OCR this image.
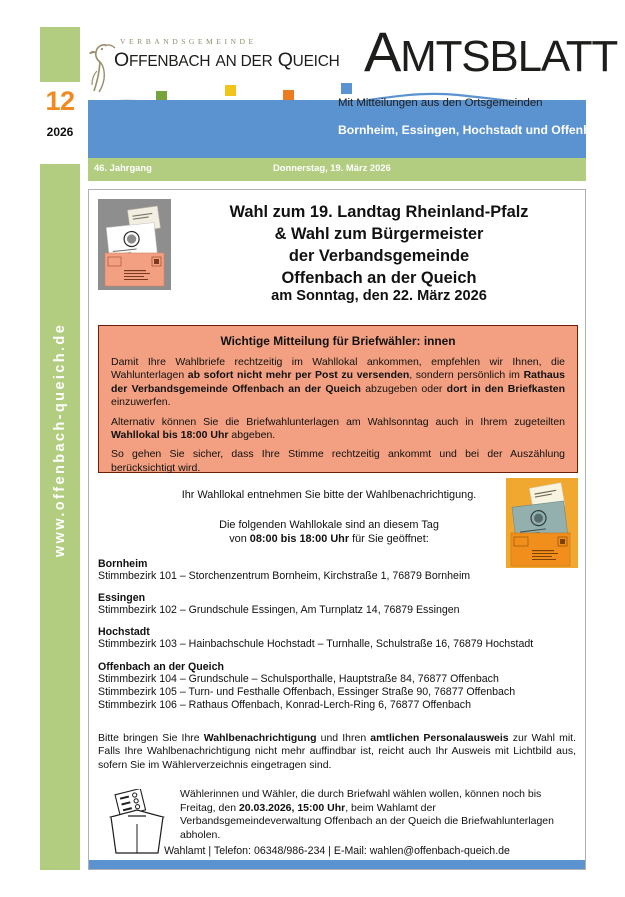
12
2026
www.offenbach-queich.de
VERBANDSGEMEINDE
OFFENBACH AN DER QUEICH AMTSBLATT
Mit Mitteilungen aus den Ortsgemeinden
Bornheim, Essingen, Hochstadt und Offenbach
46. Jahrgang	Donnerstag, 19. März 2026
Wahl zum 19. Landtag Rheinland-Pfalz
& Wahl zum Bürgermeister
der Verbandsgemeinde
Offenbach an der Queich
am Sonntag, den 22. März 2026
Wichtige Mitteilung für Briefwähler: innen

Damit Ihre Wahlbriefe rechtzeitig im Wahllokal ankommen, empfehlen wir Ihnen, die Wahlunterlagen ab sofort nicht mehr per Post zu versenden, sondern persönlich im Rathaus der Verbandsgemeinde Offenbach an der Queich abzugeben oder dort in den Briefkasten einzuwerfen.

Alternativ können Sie die Briefwahlunterlagen am Wahlsonntag auch in Ihrem zugeteilten Wahllokal bis 18:00 Uhr abgeben.

So gehen Sie sicher, dass Ihre Stimme rechtzeitig ankommt und bei der Auszählung berücksichtigt wird.

Ihr Wahllokal entnehmen Sie bitte der Wahlbenachrichtigung.
Die folgenden Wahllokale sind an diesem Tag
von 08:00 bis 18:00 Uhr für Sie geöffnet:
Bornheim
Stimmbezirk 101 – Storchenzentrum Bornheim, Kirchstraße 1, 76879 Bornheim
Essingen
Stimmbezirk 102 – Grundschule Essingen, Am Turnplatz 14, 76879 Essingen
Hochstadt
Stimmbezirk 103 – Hainbachschule Hochstadt – Turnhalle, Schulstraße 16, 76879 Hochstadt
Offenbach an der Queich
Stimmbezirk 104 – Grundschule – Schulsporthalle, Hauptstraße 84, 76877 Offenbach
Stimmbezirk 105 – Turn- und Festhalle Offenbach, Essinger Straße 90, 76877 Offenbach
Stimmbezirk 106 – Rathaus Offenbach, Konrad-Lerch-Ring 6, 76877 Offenbach
Bitte bringen Sie Ihre Wahlbenachrichtigung und Ihren amtlichen Personalausweis zur Wahl mit. Falls Ihre Wahlbenachrichtigung nicht mehr auffindbar ist, reicht auch Ihr Ausweis mit Lichtbild aus, sofern Sie im Wählerverzeichnis eingetragen sind.
Wählerinnen und Wähler, die durch Briefwahl wählen wollen, können noch bis Freitag, den 20.03.2026, 15:00 Uhr, beim Wahlamt der Verbandsgemeindeverwaltung Offenbach an der Queich die Briefwahlunterlagen abholen.
Wahlamt | Telefon: 06348/986-234 | E-Mail: wahlen@offenbach-queich.de
